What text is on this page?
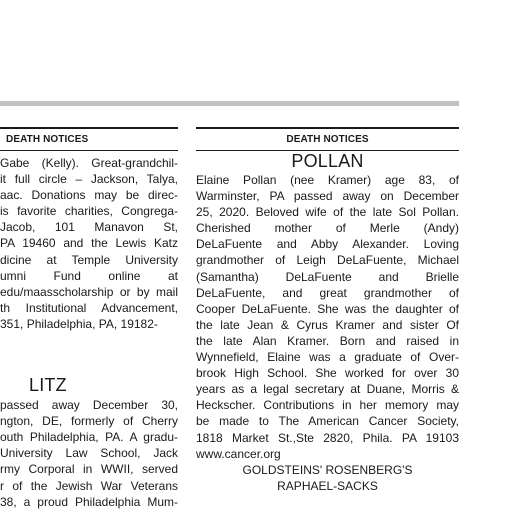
DEATH NOTICES
Gabe (Kelly). Great-grandchil-
it full circle – Jackson, Talya,
aac. Donations may be direc-
is favorite charities, Congrega-
Jacob, 101 Manavon St,
PA 19460 and the Lewis Katz
dicine at Temple University
umni Fund online at
edu/maasscholarship or by mail
th Institutional Advancement,
351, Philadelphia, PA, 19182-
LITZ
passed away December 30,
ngton, DE, formerly of Cherry
outh Philadelphia, PA. A gradu-
University Law School, Jack
rmy Corporal in WWII, served
r of the Jewish War Veterans
38, a proud Philadelphia Mum-
DEATH NOTICES
POLLAN
Elaine Pollan (nee Kramer) age 83, of
Warminster, PA passed away on December
25, 2020. Beloved wife of the late Sol Pollan.
Cherished mother of Merle (Andy)
DeLaFuente and Abby Alexander. Loving
grandmother of Leigh DeLaFuente, Michael
(Samantha) DeLaFuente and Brielle
DeLaFuente, and great grandmother of
Cooper DeLaFuente. She was the daughter of
the late Jean & Cyrus Kramer and sister Of
the late Alan Kramer. Born and raised in
Wynnefield, Elaine was a graduate of Over-
brook High School. She worked for over 30
years as a legal secretary at Duane, Morris &
Heckscher. Contributions in her memory may
be made to The American Cancer Society,
1818 Market St.,Ste 2820, Phila. PA 19103
www.cancer.org
GOLDSTEINS' ROSENBERG'S
RAPHAEL-SACKS
